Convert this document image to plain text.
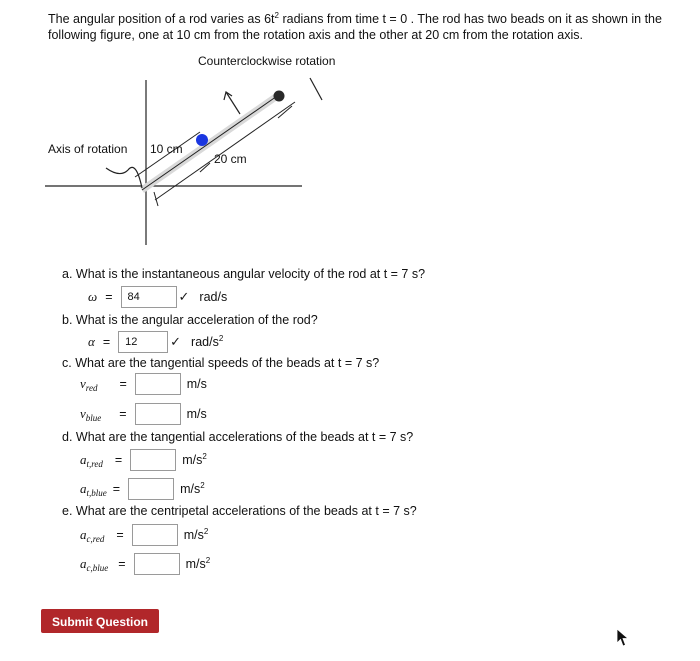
The angular position of a rod varies as $6t^2$ radians from time t = 0 . The rod has two beads on it as shown in the following figure, one at 10 cm from the rotation axis and the other at 20 cm from the rotation axis.
Counterclockwise rotation
Axis of rotation 10 cm
20 cm
a. What is the instantaneous angular velocity of the rod at t = 7 s?
ω =	84	✓ rad/s
b. What is the angular acceleration of the rod?
α =	12	✓ rad/$s^2$
c. What are the tangential speeds of the beads at t = 7 s?
v red =	m/s
v blue =	m/s
d. What are the tangential accelerations of the beads at t = 7 s?
a t,red =	$m/s^2$
a t,blue =	$m/s^2$
e. What are the centripetal accelerations of the beads at t = 7 s?
a c,red =	$m/s^2$
a c,blue =	$m/s^2$
Submit Question
